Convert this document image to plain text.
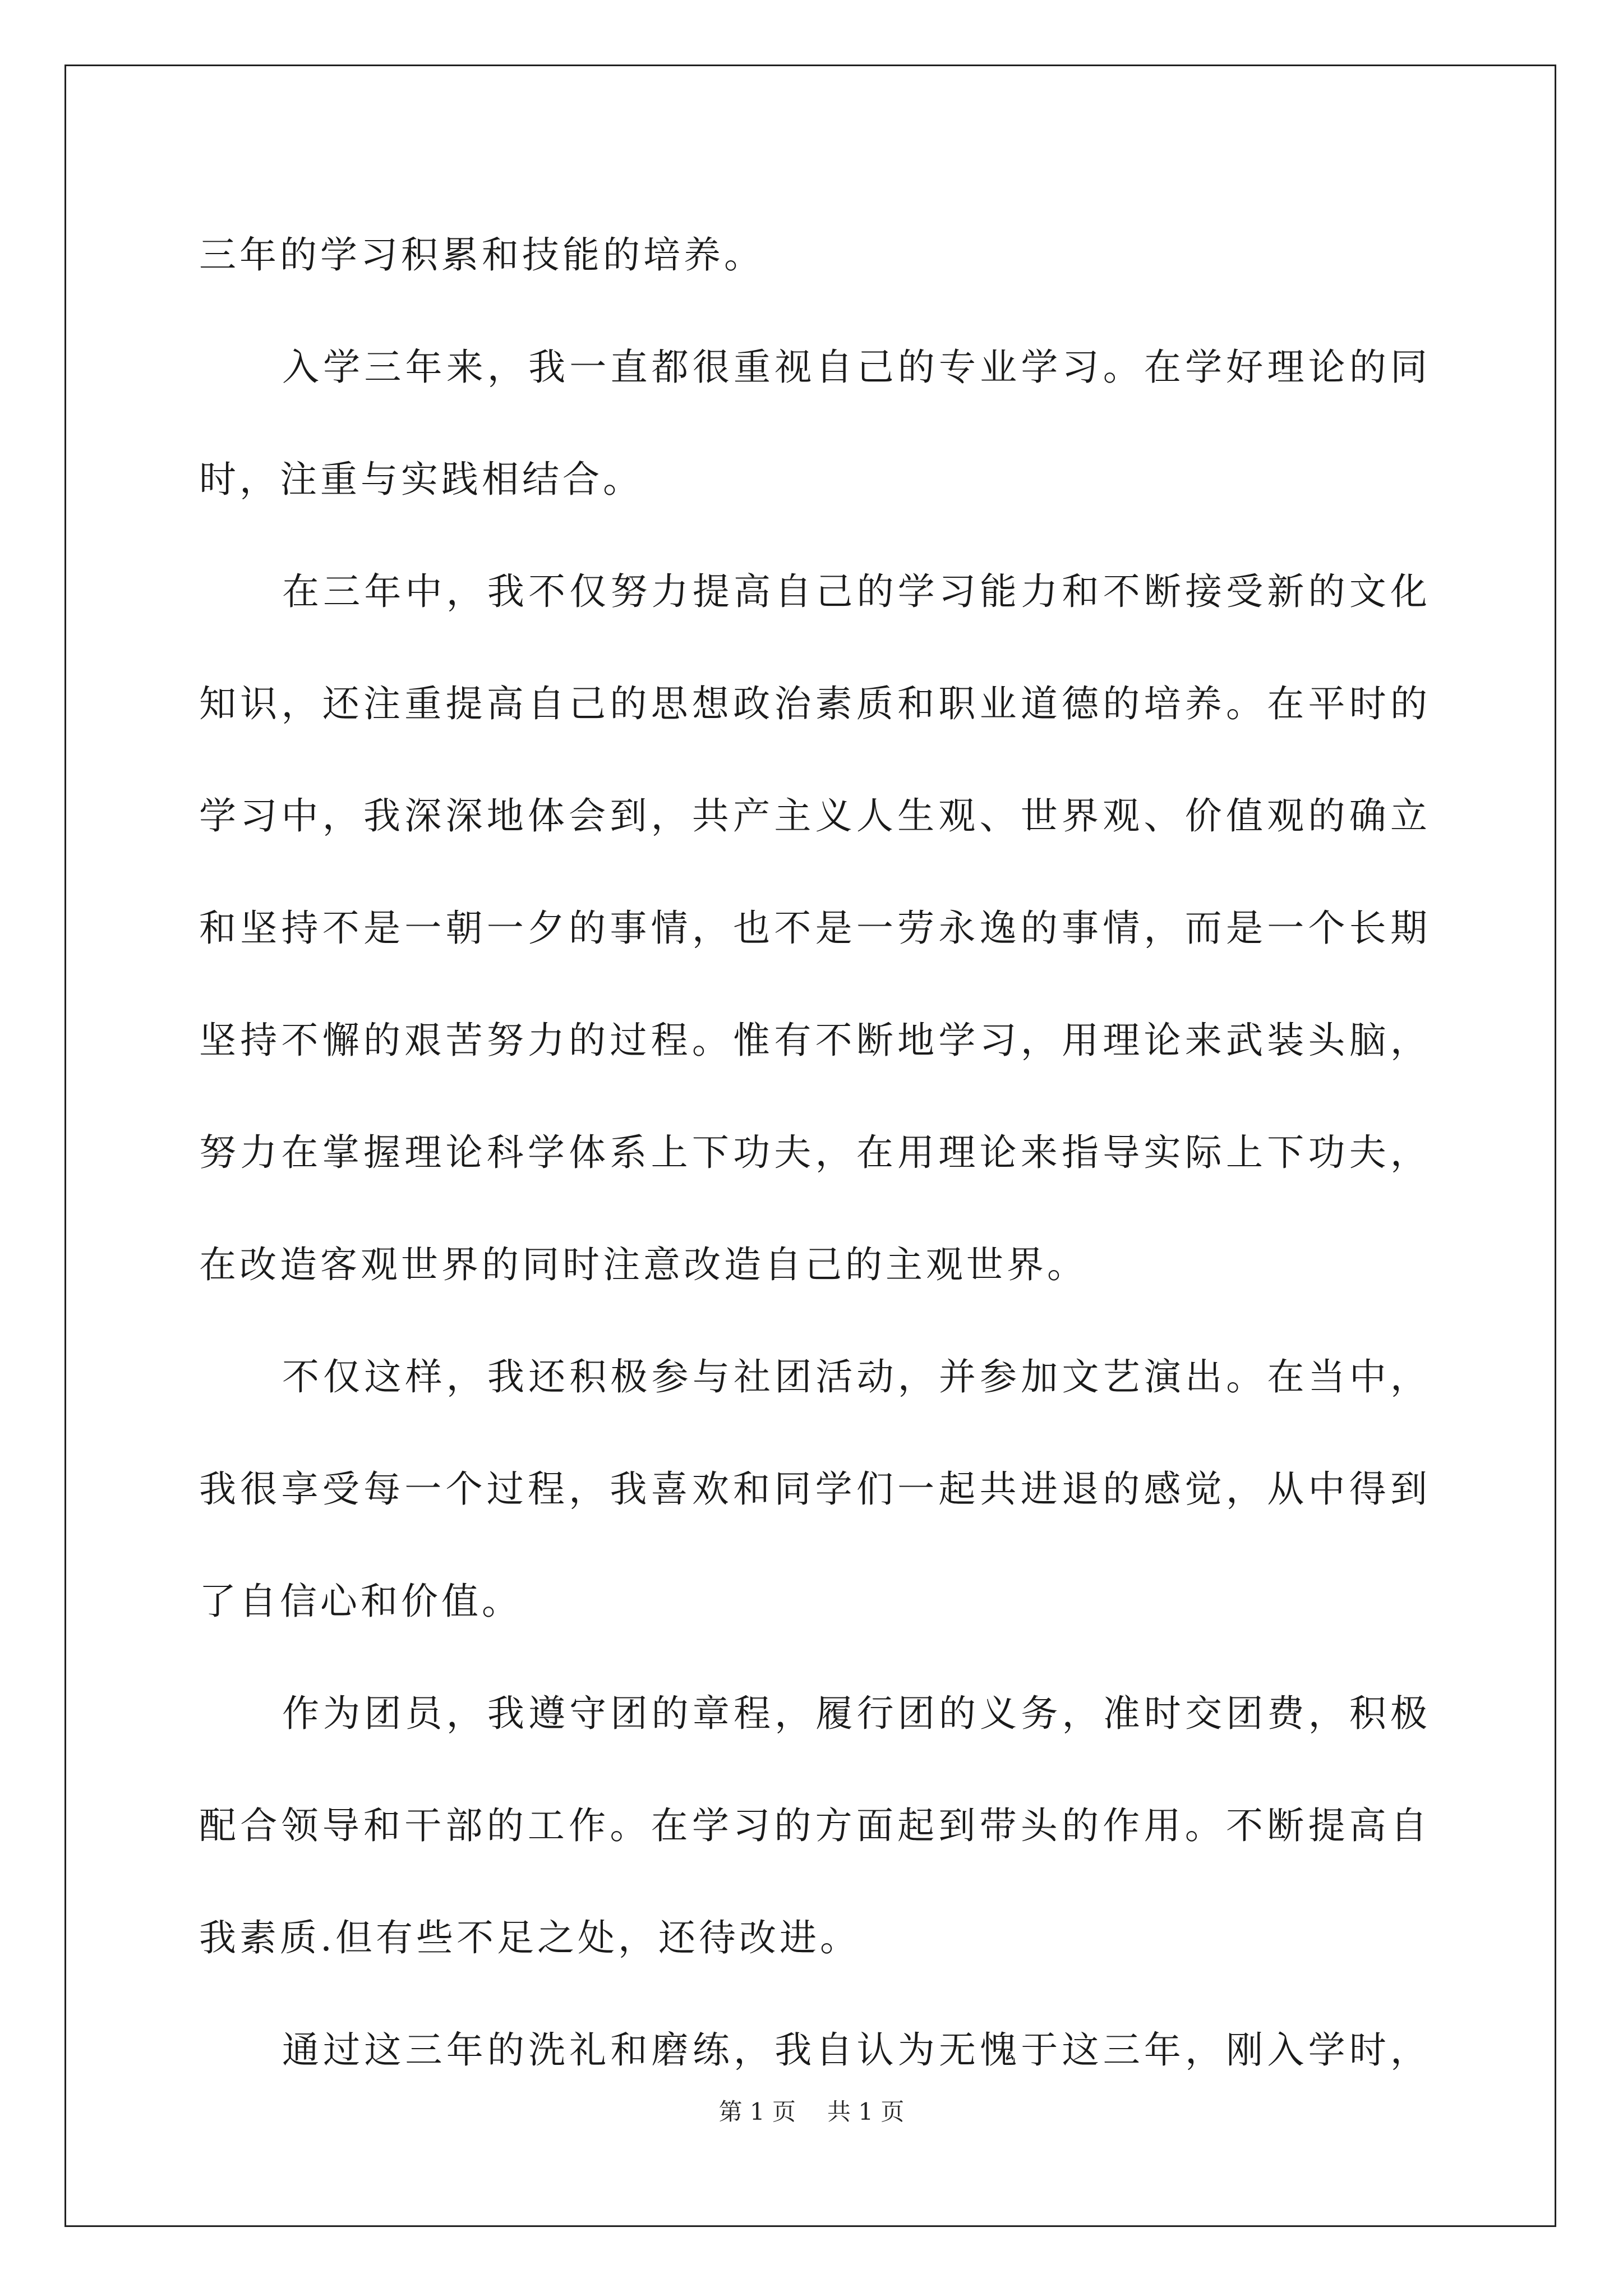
三年的学习积累和技能的培养。
入学三年来，我一直都很重视自己的专业学习。在学好理论的同
时，注重与实践相结合。
在三年中，我不仅努力提高自己的学习能力和不断接受新的文化
知识，还注重提高自己的思想政治素质和职业道德的培养。在平时的
学习中，我深深地体会到，共产主义人生观、世界观、价值观的确立
和坚持不是一朝一夕的事情，也不是一劳永逸的事情，而是一个长期
坚持不懈的艰苦努力的过程。惟有不断地学习，用理论来武装头脑，
努力在掌握理论科学体系上下功夫，在用理论来指导实际上下功夫，
在改造客观世界的同时注意改造自己的主观世界。
不仅这样，我还积极参与社团活动，并参加文艺演出。在当中，
我很享受每一个过程，我喜欢和同学们一起共进退的感觉，从中得到
了自信心和价值。
作为团员，我遵守团的章程，履行团的义务，准时交团费，积极
配合领导和干部的工作。在学习的方面起到带头的作用。不断提高自
我素质.但有些不足之处，还待改进。
通过这三年的洗礼和磨练，我自认为无愧于这三年，刚入学时，
第 1 页 共 1 页
